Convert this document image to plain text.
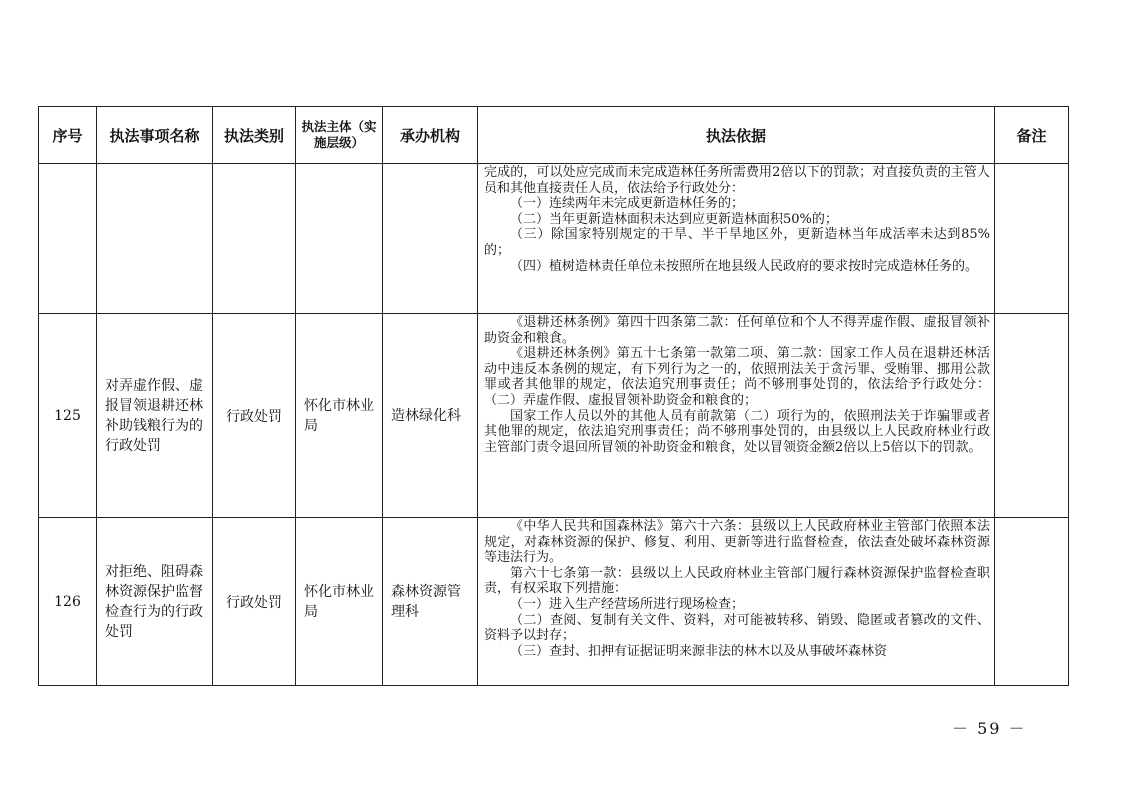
序号	执法事项名称	执法类别	执法主体（实施层级）	承办机构	执法依据	备注

					完成的，可以处应完成而未完成造林任务所需费用2倍以下的罚款；对直接负责的主管人员和其他直接责任人员，依法给予行政处分：

（一）连续两年未完成更新造林任务的；

（二）当年更新造林面积未达到应更新造林面积50%的；

（三）除国家特别规定的干旱、半干旱地区外，更新造林当年成活率未达到85%的；

（四）植树造林责任单位未按照所在地县级人民政府的要求按时完成造林任务的。	

125	对弄虚作假、虚报冒领退耕还林补助钱粮行为的行政处罚	行政处罚	怀化市林业局	造林绿化科	《退耕还林条例》第四十四条第二款：任何单位和个人不得弄虚作假、虚报冒领补助资金和粮食。

《退耕还林条例》第五十七条第一款第二项、第二款：国家工作人员在退耕还林活动中违反本条例的规定，有下列行为之一的，依照刑法关于贪污罪、受贿罪、挪用公款罪或者其他罪的规定，依法追究刑事责任；尚不够刑事处罚的，依法给予行政处分：（二）弄虚作假、虚报冒领补助资金和粮食的；

国家工作人员以外的其他人员有前款第（二）项行为的，依照刑法关于诈骗罪或者其他罪的规定，依法追究刑事责任；尚不够刑事处罚的，由县级以上人民政府林业行政主管部门责令退回所冒领的补助资金和粮食，处以冒领资金额2倍以上5倍以下的罚款。	

126	对拒绝、阻碍森林资源保护监督检查行为的行政处罚	行政处罚	怀化市林业局	森林资源管理科	《中华人民共和国森林法》第六十六条：县级以上人民政府林业主管部门依照本法规定，对森林资源的保护、修复、利用、更新等进行监督检查，依法查处破坏森林资源等违法行为。

第六十七条第一款：县级以上人民政府林业主管部门履行森林资源保护监督检查职责，有权采取下列措施：

（一）进入生产经营场所进行现场检查；

（二）查阅、复制有关文件、资料，对可能被转移、销毁、隐匿或者篡改的文件、资料予以封存；

（三）查封、扣押有证据证明来源非法的林木以及从事破坏森林资	

－ 59 －
